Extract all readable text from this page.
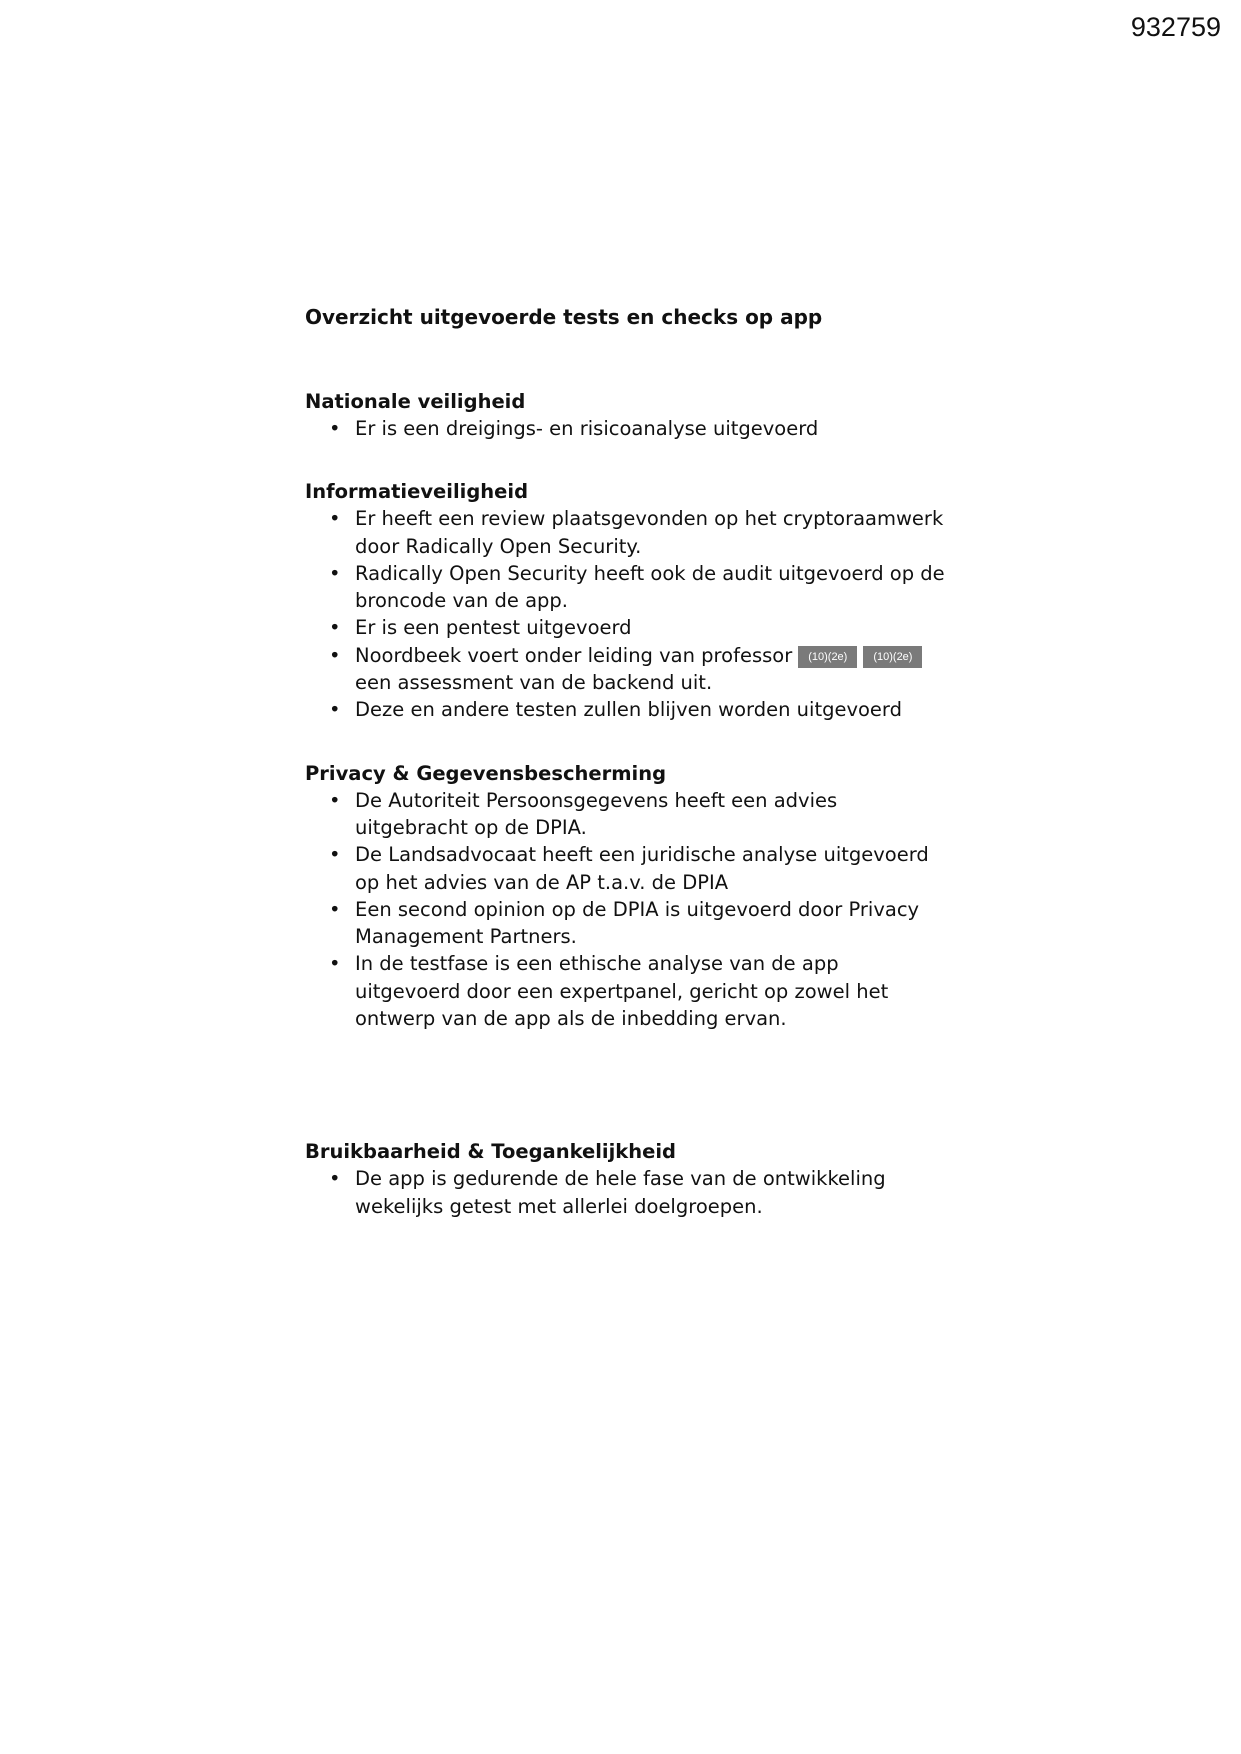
932759
Overzicht uitgevoerde tests en checks op app
Nationale veiligheid
• Er is een dreigings- en risicoanalyse uitgevoerd
Informatieveiligheid
• Er heeft een review plaatsgevonden op het cryptoraamwerk door Radically Open Security.
• Radically Open Security heeft ook de audit uitgevoerd op de broncode van de app.
• Er is een pentest uitgevoerd
• Noordbeek voert onder leiding van professor (10)(2e) (10)(2e)
een assessment van de backend uit.
• Deze en andere testen zullen blijven worden uitgevoerd
Privacy & Gegevensbescherming
• De Autoriteit Persoonsgegevens heeft een advies uitgebracht op de DPIA.
• De Landsadvocaat heeft een juridische analyse uitgevoerd op het advies van de AP t.a.v. de DPIA
• Een second opinion op de DPIA is uitgevoerd door Privacy Management Partners.
• In de testfase is een ethische analyse van de app uitgevoerd door een expertpanel, gericht op zowel het ontwerp van de app als de inbedding ervan.
Bruikbaarheid & Toegankelijkheid
• De app is gedurende de hele fase van de ontwikkeling wekelijks getest met allerlei doelgroepen.
